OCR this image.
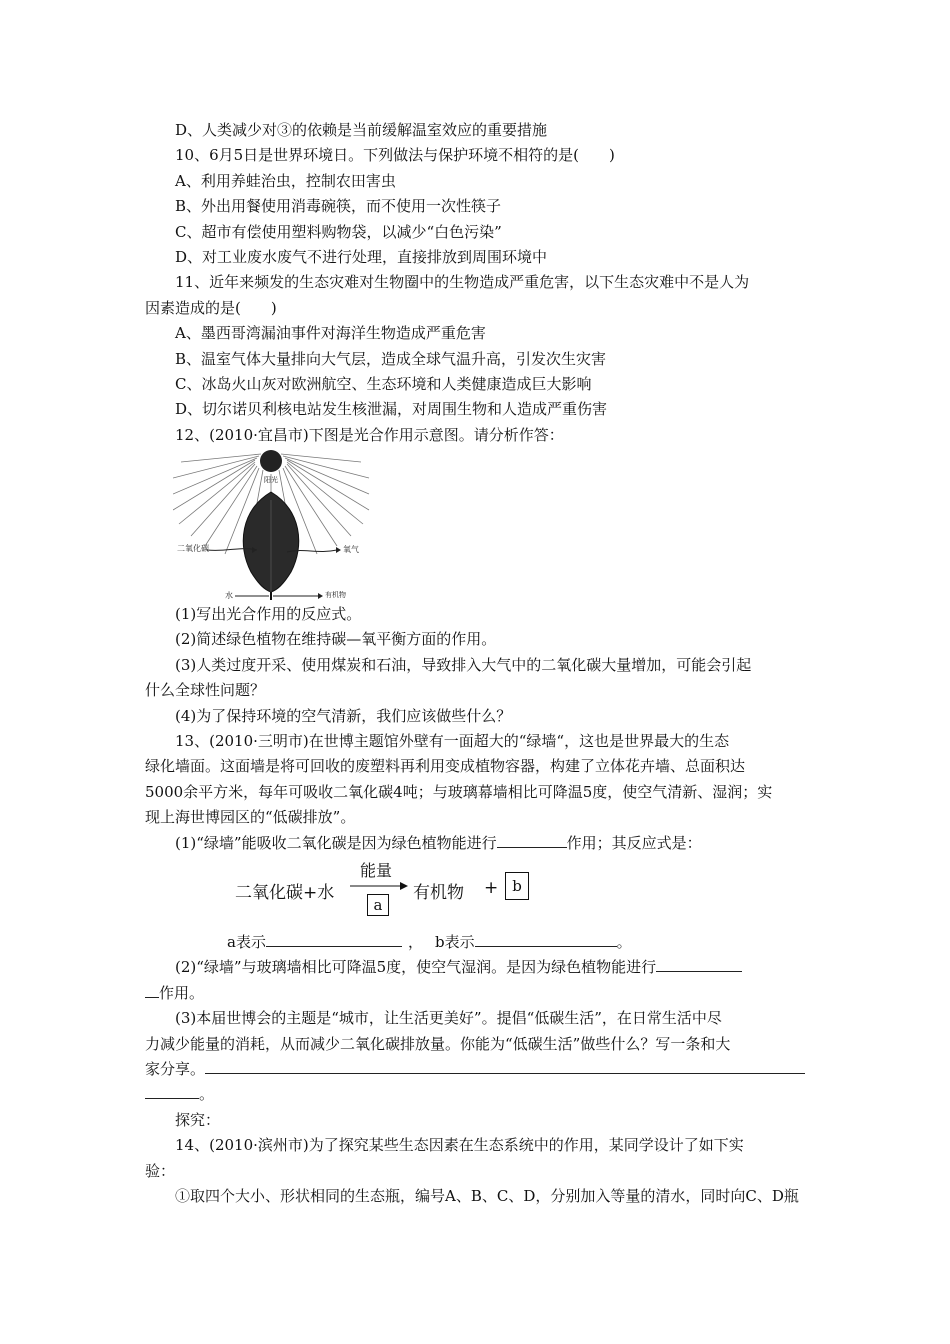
D、人类减少对③的依赖是当前缓解温室效应的重要措施
10、6月5日是世界环境日。下列做法与保护环境不相符的是(　　)
A、利用养蛙治虫，控制农田害虫
B、外出用餐使用消毒碗筷，而不使用一次性筷子
C、超市有偿使用塑料购物袋，以减少“白色污染”
D、对工业废水废气不进行处理，直接排放到周围环境中
11、近年来频发的生态灾难对生物圈中的生物造成严重危害，以下生态灾难中不是人为
因素造成的是(　　)
A、墨西哥湾漏油事件对海洋生物造成严重危害
B、温室气体大量排向大气层，造成全球气温升高，引发次生灾害
C、冰岛火山灰对欧洲航空、生态环境和人类健康造成巨大影响
D、切尔诺贝利核电站发生核泄漏，对周围生物和人造成严重伤害
12、(2010·宜昌市)下图是光合作用示意图。请分析作答：
阳光
二氧化碳	氧气
水	有机物
(1)写出光合作用的反应式。
(2)简述绿色植物在维持碳—氧平衡方面的作用。
(3)人类过度开采、使用煤炭和石油，导致排入大气中的二氧化碳大量增加，可能会引起
什么全球性问题？
(4)为了保持环境的空气清新，我们应该做些什么？
13、(2010·三明市)在世博主题馆外壁有一面超大的“绿墙“，这也是世界最大的生态
绿化墙面。这面墙是将可回收的废塑料再利用变成植物容器，构建了立体花卉墙、总面积达
5000余平方米，每年可吸收二氧化碳4吨；与玻璃幕墙相比可降温5度，使空气清新、湿润；实
现上海世博园区的“低碳排放”。
(1)“绿墙”能吸收二氧化碳是因为绿色植物能进行	作用；其反应式是：
二氧化碳+水
能量
a
有机物 + b
a表示	， b表示	。
(2)“绿墙”与玻璃墙相比可降温5度，使空气湿润。是因为绿色植物能进行
作用。
(3)本届世博会的主题是“城市，让生活更美好”。提倡“低碳生活”，在日常生活中尽
力减少能量的消耗，从而减少二氧化碳排放量。你能为“低碳生活”做些什么？写一条和大
家分享。
。
探究：
14、(2010·滨州市)为了探究某些生态因素在生态系统中的作用，某同学设计了如下实
验：
①取四个大小、形状相同的生态瓶，编号A、B、C、D，分别加入等量的清水，同时向C、D瓶
